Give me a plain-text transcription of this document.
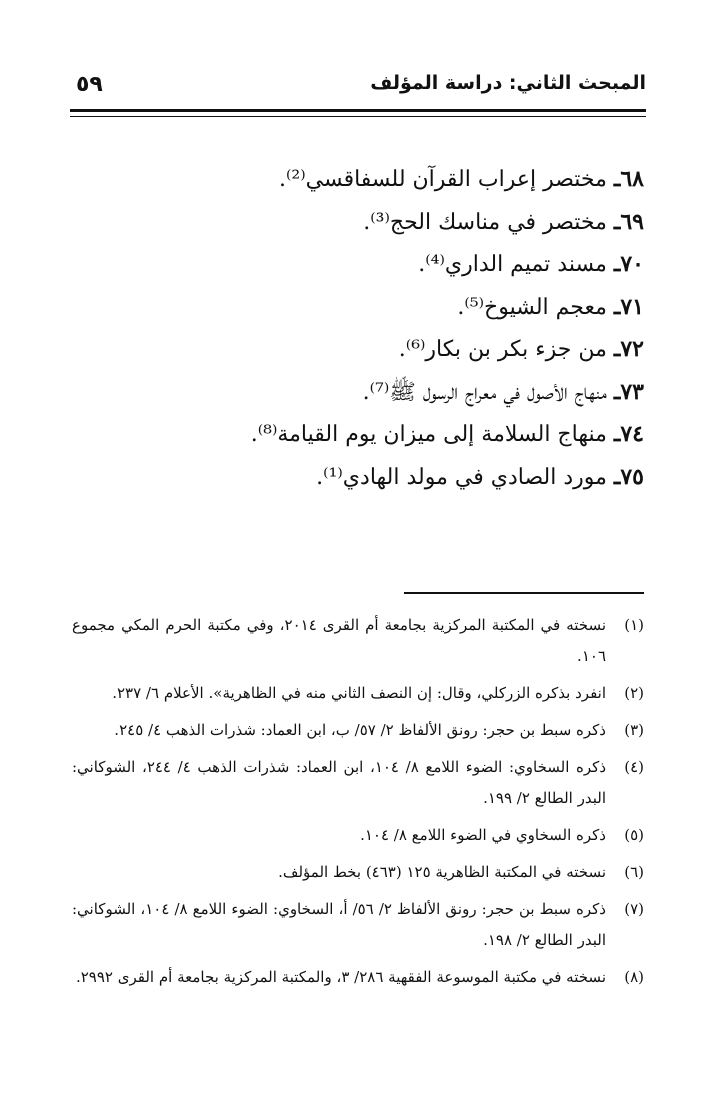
المبحث الثاني: دراسة المؤلف
٥٩
٦٨ـ مختصر إعراب القرآن للسفاقسي⁽²⁾.
٦٩ـ مختصر في مناسك الحج⁽³⁾.
٧٠ـ مسند تميم الداري⁽⁴⁾.
٧١ـ معجم الشيوخ⁽⁵⁾.
٧٢ـ من جزء بكر بن بكار⁽⁶⁾.
٧٣ـ منهاج الأصول في معراج الرسول ﷺ⁽⁷⁾.
٧٤ـ منهاج السلامة إلى ميزان يوم القيامة⁽⁸⁾.
٧٥ـ مورد الصادي في مولد الهادي⁽¹⁾.
(١)
نسخته في المكتبة المركزية بجامعة أم القرى ٢٠١٤، وفي مكتبة الحرم المكي مجموع ١٠٦.
(٢)
انفرد بذكره الزركلي، وقال: إن النصف الثاني منه في الظاهرية». الأعلام ٦/ ٢٣٧.
(٣)
ذكره سبط بن حجر: رونق الألفاظ ٢/ ٥٧/ ب، ابن العماد: شذرات الذهب ٤/ ٢٤٥.
(٤)
ذكره السخاوي: الضوء اللامع ٨/ ١٠٤، ابن العماد: شذرات الذهب ٤/ ٢٤٤، الشوكاني: البدر الطالع ٢/ ١٩٩.
(٥)
ذكره السخاوي في الضوء اللامع ٨/ ١٠٤.
(٦)
نسخته في المكتبة الظاهرية ١٢٥ (٤٦٣) بخط المؤلف.
(٧)
ذكره سبط بن حجر: رونق الألفاظ ٢/ ٥٦/ أ، السخاوي: الضوء اللامع ٨/ ١٠٤، الشوكاني: البدر الطالع ٢/ ١٩٨.
(٨)
نسخته في مكتبة الموسوعة الفقهية ٢٨٦/ ٣، والمكتبة المركزية بجامعة أم القرى ٢٩٩٢.
